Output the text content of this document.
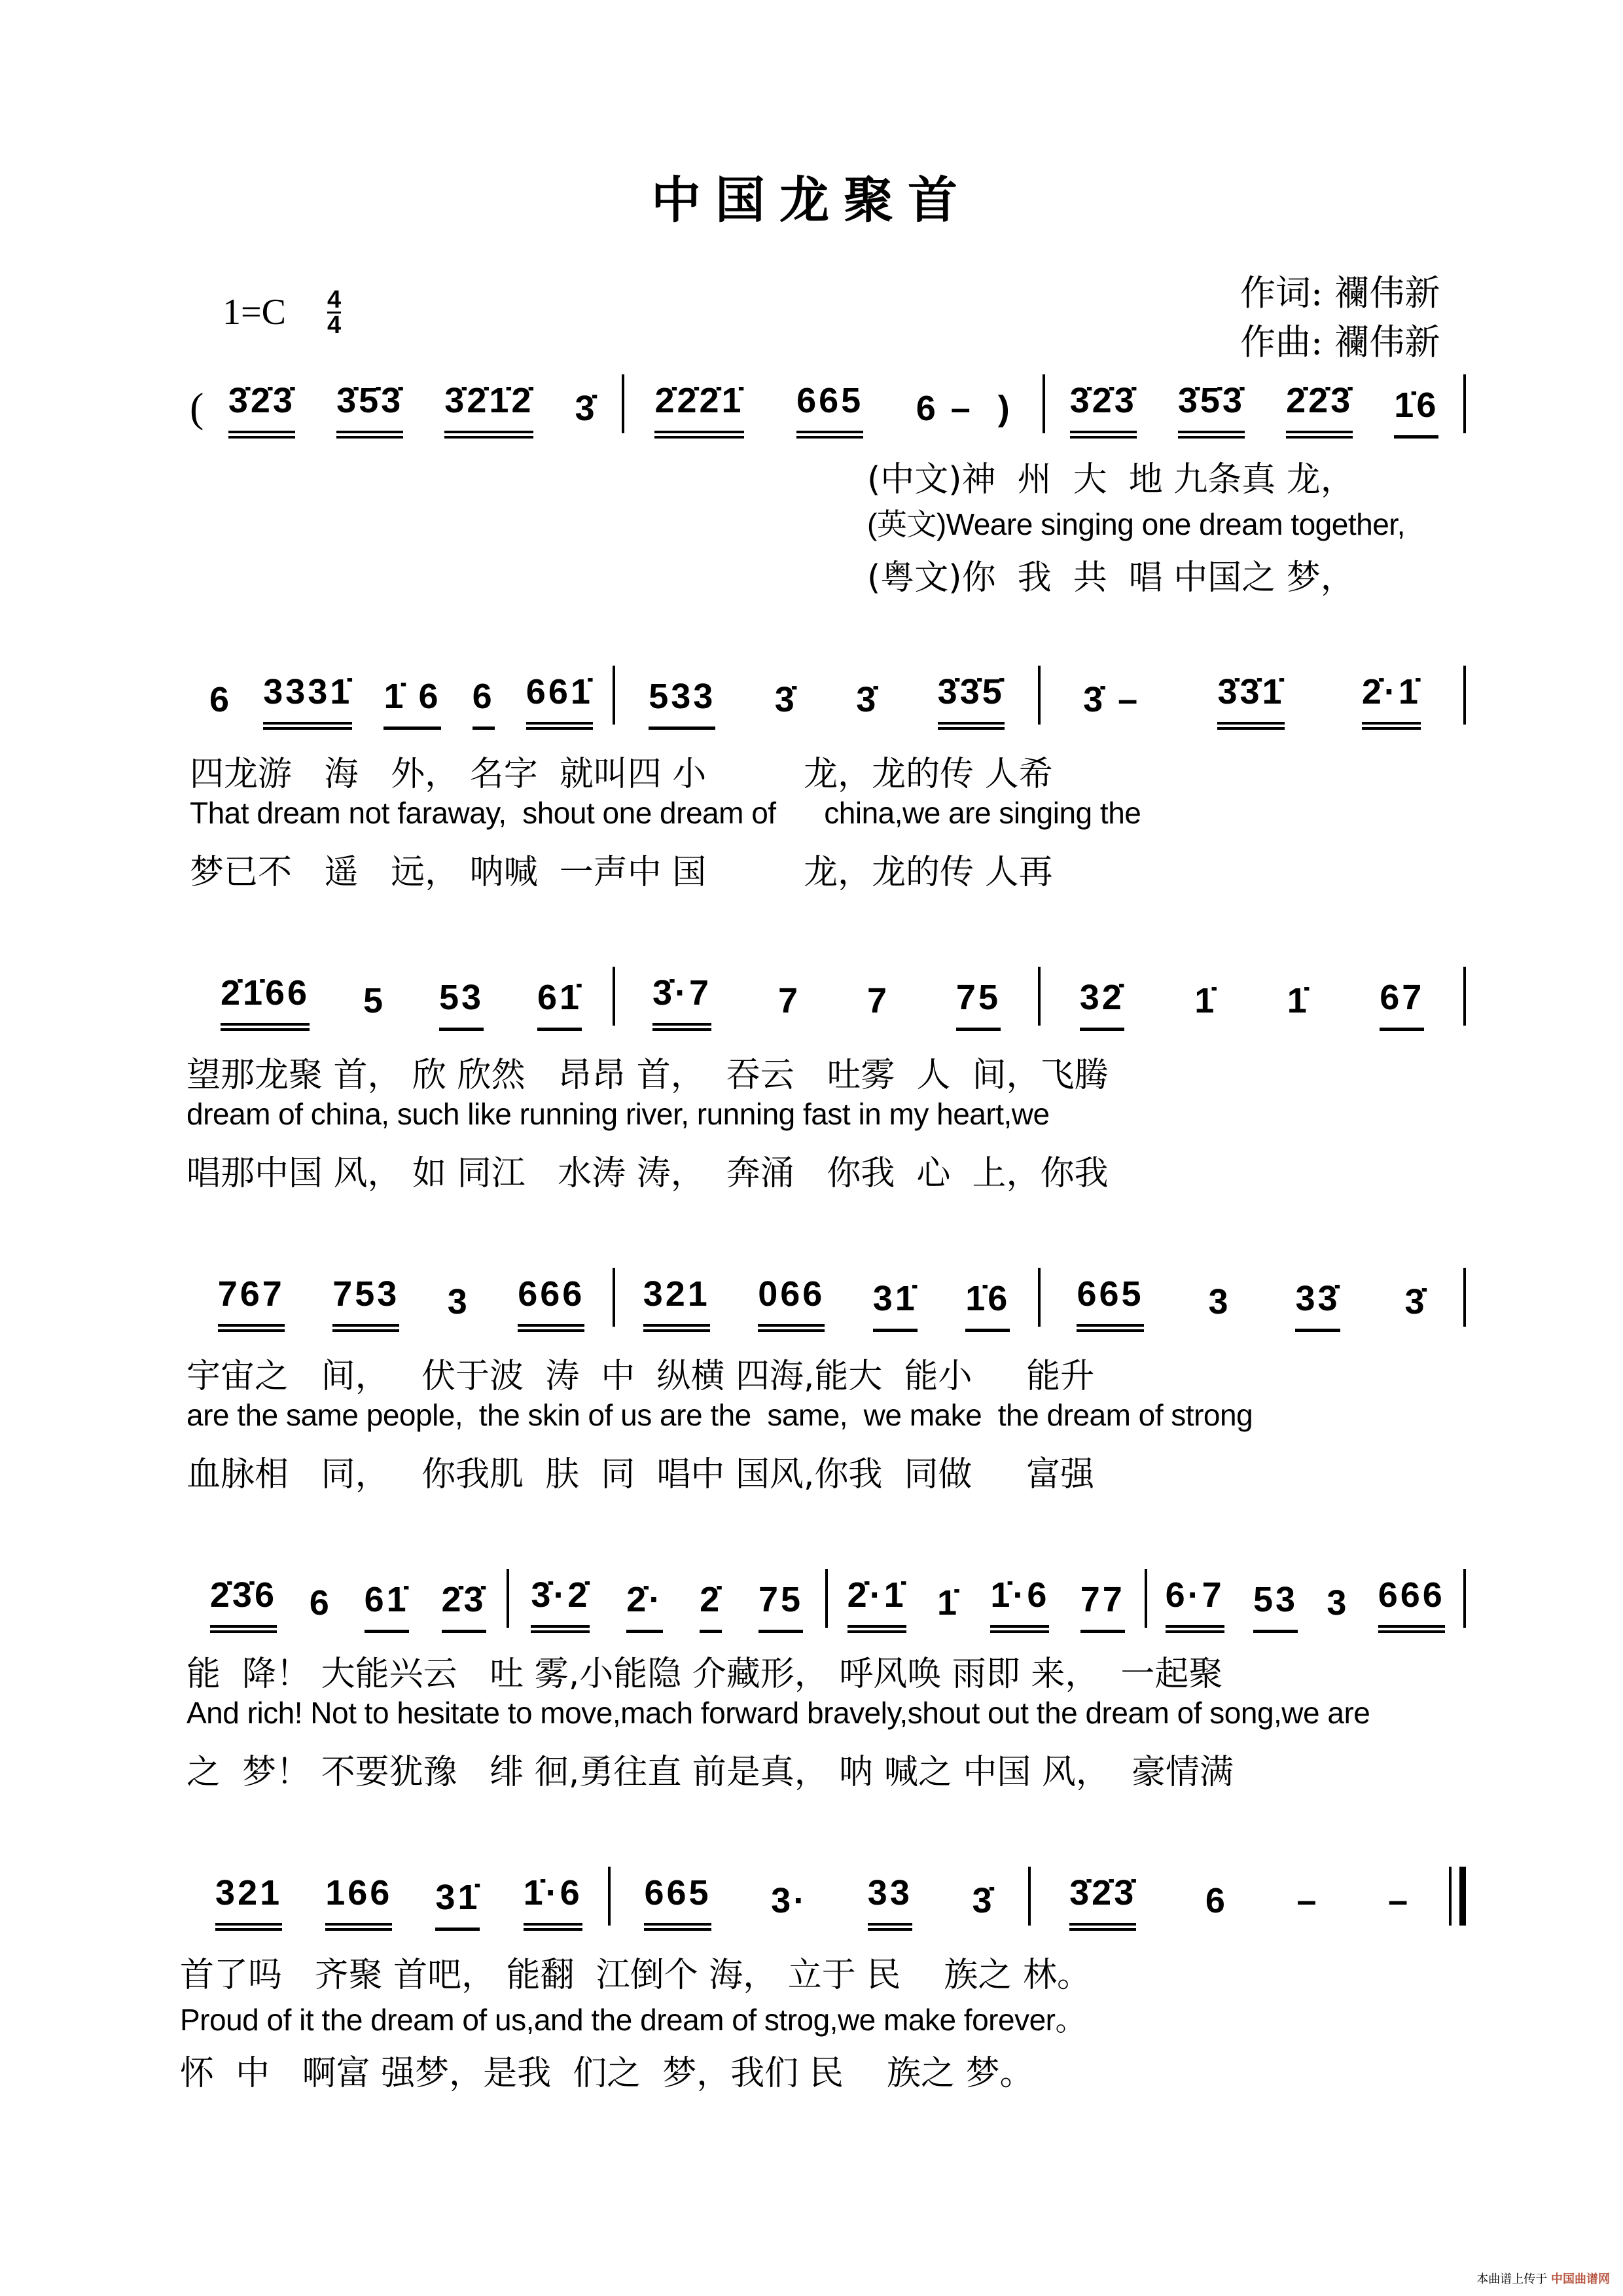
中国龙聚首
1=C 4
4
作词: 襴伟新
作曲: 襴伟新
( 3̇2̇3̇ 3̇5̇3̇ 3̇2̇1̇2̇ 3̇ 2̇2̇2̇1̇ 665 6 –  ) 3̇2̇3̇ 3̇5̇3̇ 2̇2̇3̇ 1̇6
(中文)神  州  大  地 九条真 龙，
(英文)Weare singing one dream together,
(粤文)你  我  共  唱 中国之 梦，
6 3331̇ 1̇ 6 6 661̇ 533 3̇ 3̇ 3̇3̇5̇ 3̇ – 3̇3̇1̇ 2̇·1̇
四龙游   海   外， 名字  就叫四 小         龙，龙的传 人希
That dream not faraway,  shout one dream of      china,we are singing the
梦已不   遥   远， 呐喊  一声中 国         龙，龙的传 人再
2̇1̇66 5 53 61̇ 3̇·7 7 7 75 32̇ 1̇ 1̇ 67
望那龙聚 首， 欣 欣然   昂昂 首，  吞云   吐雾  人  间，飞腾
dream of china, such like running river, running fast in my heart,we
唱那中国 风， 如 同江   水涛 涛，  奔涌   你我  心  上，你我
767 753 3 666 321 066 31̇ 1̇6 665 3 33̇ 3̇
宇宙之   间，   伏于波  涛  中  纵横 四海,能大  能小     能升
are the same people,  the skin of us are the  same,  we make  the dream of strong
血脉相   同，   你我肌  肤  同  唱中 国风,你我  同做     富强
2̇3̇6 6 61̇ 2̇3̇ 3̇·2̇ 2̇· 2̇ 75 2̇·1̇ 1̇ 1̇·6 77 6·7 53 3 666
能  降！ 大能兴云   吐 雾,小能隐 介藏形， 呼风唤 雨即 来，  一起聚
And rich! Not to hesitate to move,mach forward bravely,shout out the dream of song,we are
之  梦！ 不要犹豫   绯 徊,勇往直 前是真， 呐 喊之 中国 风，  豪情满
321 166 31̇ 1̇·6 665 3· 33 3̇ 3̇2̇3̇ 6 – –
首了吗   齐聚 首吧， 能翻  江倒个 海， 立于 民    族之 林。
Proud of it the dream of us,and the dream of strog,we make forever。
怀  中   啊富 强梦，是我  们之  梦，我们 民    族之 梦。
本曲谱上传于 中国曲谱网
